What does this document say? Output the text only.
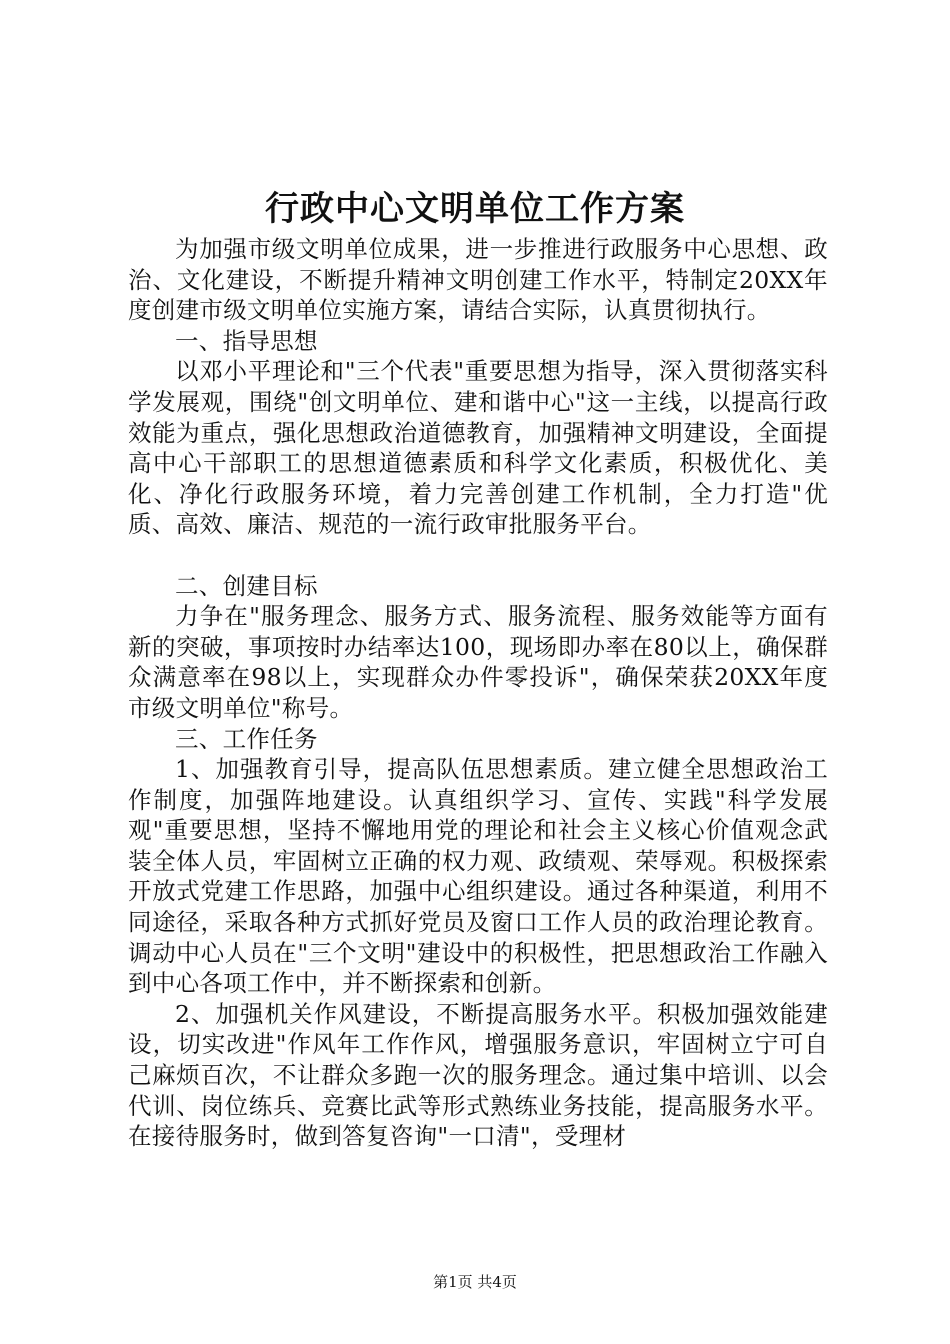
行政中心文明单位工作方案

为加强市级文明单位成果，进一步推进行政服务中心思想、政治、文化建设，不断提升精神文明创建工作水平，特制定20XX年度创建市级文明单位实施方案，请结合实际，认真贯彻执行。

一、指导思想

以邓小平理论和"三个代表"重要思想为指导，深入贯彻落实科学发展观，围绕"创文明单位、建和谐中心"这一主线，以提高行政效能为重点，强化思想政治道德教育，加强精神文明建设，全面提高中心干部职工的思想道德素质和科学文化素质，积极优化、美化、净化行政服务环境，着力完善创建工作机制，全力打造"优质、高效、廉洁、规范的一流行政审批服务平台。

二、创建目标

力争在"服务理念、服务方式、服务流程、服务效能等方面有新的突破，事项按时办结率达100，现场即办率在80以上，确保群众满意率在98以上，实现群众办件零投诉"，确保荣获20XX年度市级文明单位"称号。

三、工作任务

1、加强教育引导，提高队伍思想素质。建立健全思想政治工作制度，加强阵地建设。认真组织学习、宣传、实践"科学发展观"重要思想，坚持不懈地用党的理论和社会主义核心价值观念武装全体人员，牢固树立正确的权力观、政绩观、荣辱观。积极探索开放式党建工作思路，加强中心组织建设。通过各种渠道，利用不同途径，采取各种方式抓好党员及窗口工作人员的政治理论教育。调动中心人员在"三个文明"建设中的积极性，把思想政治工作融入到中心各项工作中，并不断探索和创新。

2、加强机关作风建设，不断提高服务水平。积极加强效能建设，切实改进"作风年工作作风，增强服务意识，牢固树立宁可自己麻烦百次，不让群众多跑一次的服务理念。通过集中培训、以会代训、岗位练兵、竞赛比武等形式熟练业务技能，提高服务水平。在接待服务时，做到答复咨询"一口清"，受理材

第1页 共4页
